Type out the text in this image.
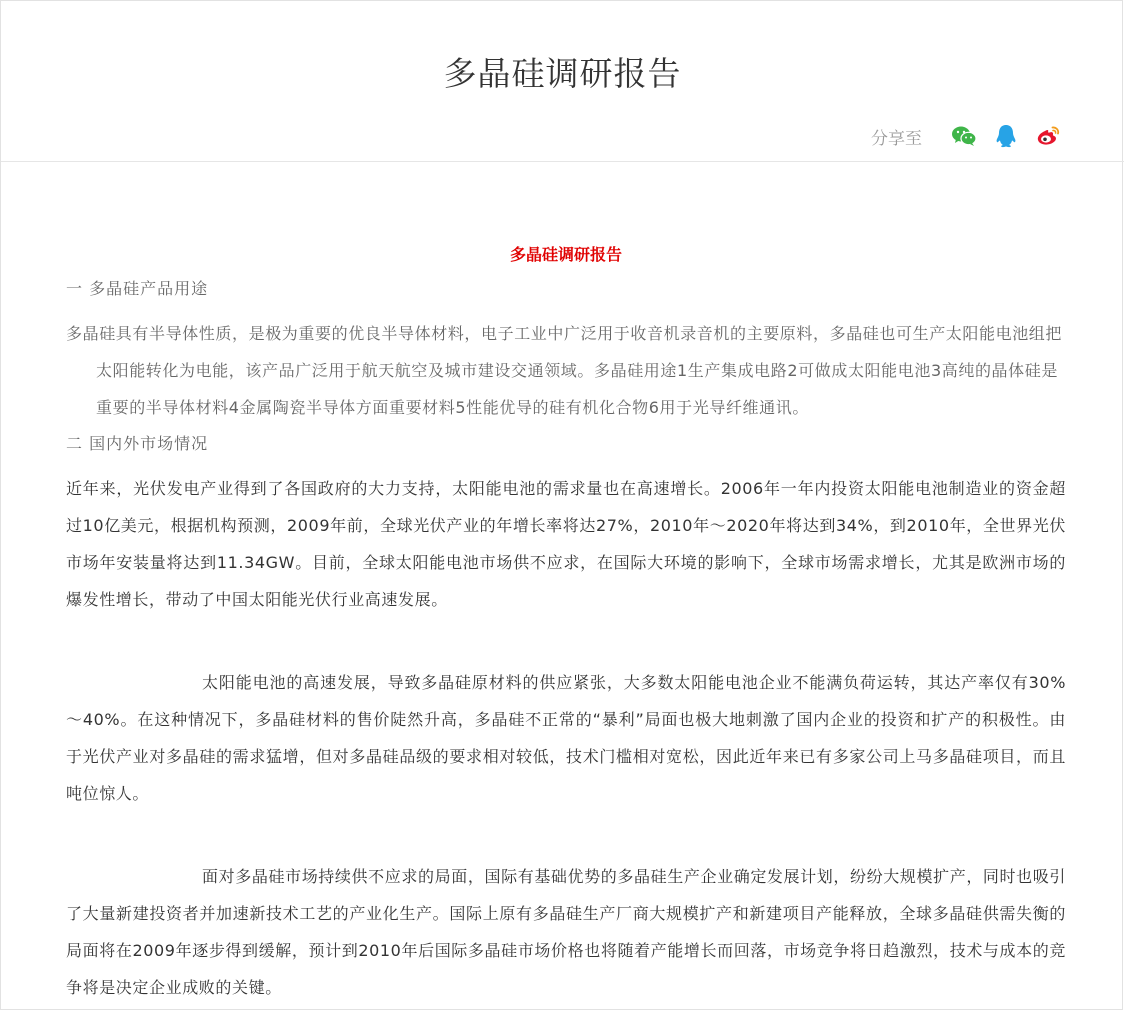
多晶硅调研报告
分享至
多晶硅调研报告

一 多晶硅产品用途

多晶硅具有半导体性质，是极为重要的优良半导体材料，电子工业中广泛用于收音机录音机的主要原料，多晶硅也可生产太阳能电池组把太阳能转化为电能，该产品广泛用于航天航空及城市建设交通领域。多晶硅用途1生产集成电路2可做成太阳能电池3高纯的晶体硅是重要的半导体材料4金属陶瓷半导体方面重要材料5性能优导的硅有机化合物6用于光导纤维通讯。

二 国内外市场情况

近年来，光伏发电产业得到了各国政府的大力支持，太阳能电池的需求量也在高速增长。2006年一年内投资太阳能电池制造业的资金超过10亿美元，根据机构预测，2009年前，全球光伏产业的年增长率将达27%，2010年～2020年将达到34%，到2010年，全世界光伏市场年安装量将达到11.34GW。目前，全球太阳能电池市场供不应求，在国际大环境的影响下，全球市场需求增长，尤其是欧洲市场的爆发性增长，带动了中国太阳能光伏行业高速发展。

太阳能电池的高速发展，导致多晶硅原材料的供应紧张，大多数太阳能电池企业不能满负荷运转，其达产率仅有30%～40%。在这种情况下，多晶硅材料的售价陡然升高，多晶硅不正常的“暴利”局面也极大地刺激了国内企业的投资和扩产的积极性。由于光伏产业对多晶硅的需求猛增，但对多晶硅品级的要求相对较低，技术门槛相对宽松，因此近年来已有多家公司上马多晶硅项目，而且吨位惊人。

面对多晶硅市场持续供不应求的局面，国际有基础优势的多晶硅生产企业确定发展计划，纷纷大规模扩产，同时也吸引了大量新建投资者并加速新技术工艺的产业化生产。国际上原有多晶硅生产厂商大规模扩产和新建项目产能释放，全球多晶硅供需失衡的局面将在2009年逐步得到缓解，预计到2010年后国际多晶硅市场价格也将随着产能增长而回落，市场竞争将日趋激烈，技术与成本的竞争将是决定企业成败的关键。
